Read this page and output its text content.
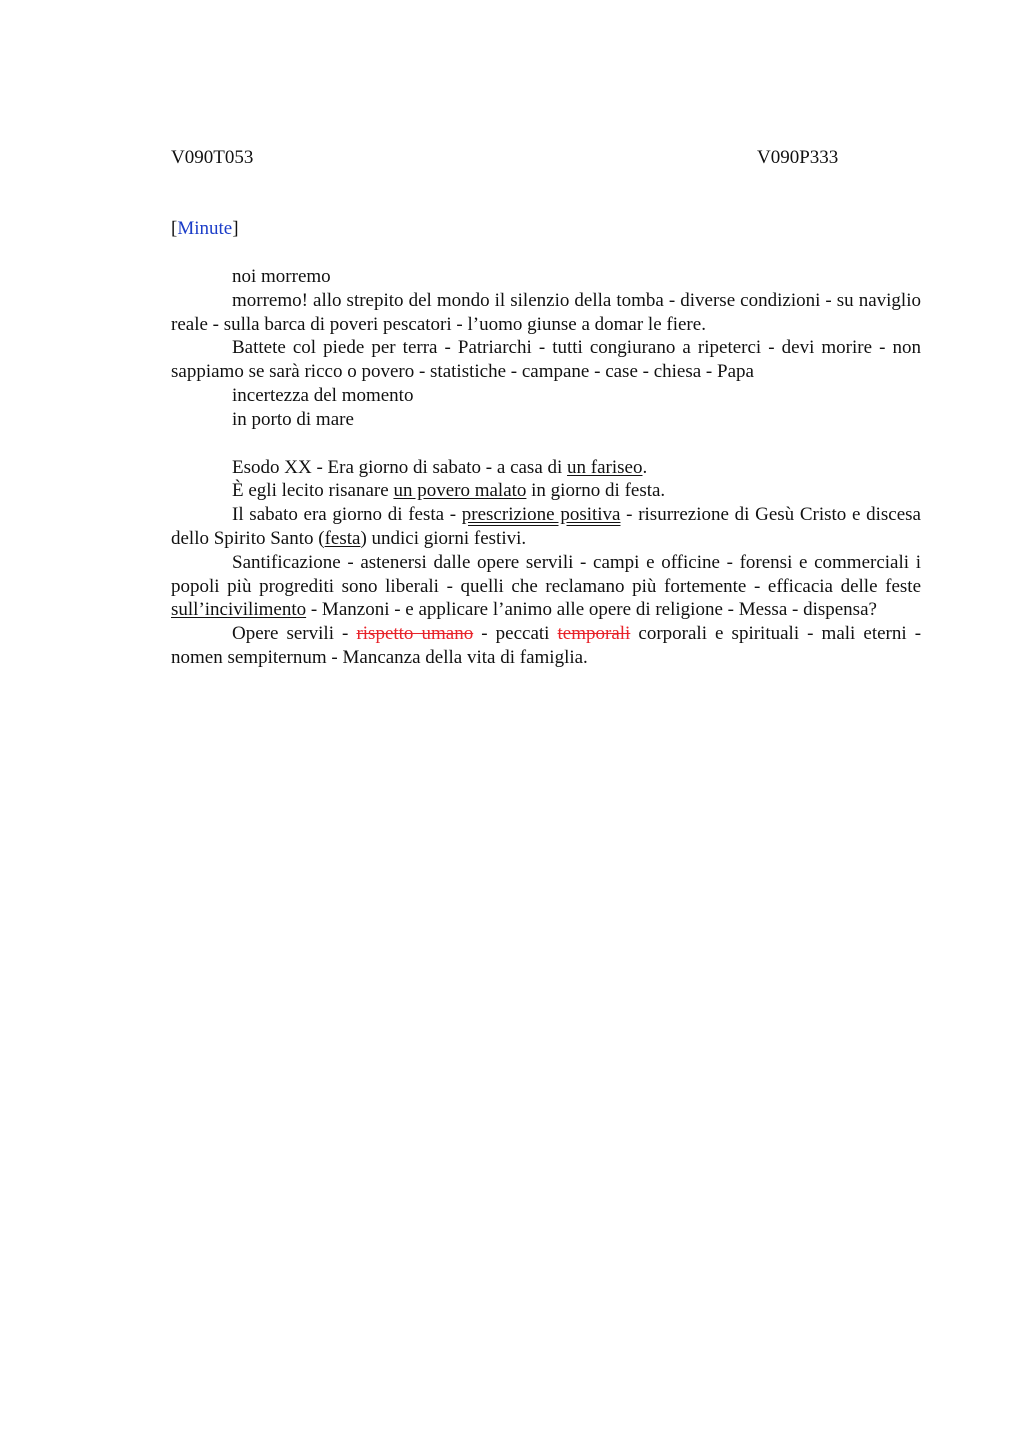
V090T053	V090P333
[Minute]

noi morremo

morremo! allo strepito del mondo il silenzio della tomba - diverse condizioni - su naviglio reale - sulla barca di poveri pescatori - l’uomo giunse a domar le fiere.

Battete col piede per terra - Patriarchi - tutti congiurano a ripeterci - devi morire - non sappiamo se sarà ricco o povero - statistiche - campane - case - chiesa - Papa

incertezza del momento

in porto di mare

Esodo XX - Era giorno di sabato - a casa di un fariseo.

È egli lecito risanare un povero malato in giorno di festa.

Il sabato era giorno di festa - prescrizione positiva - risurrezione di Gesù Cristo e discesa dello Spirito Santo (festa) undici giorni festivi.

Santificazione - astenersi dalle opere servili - campi e officine - forensi e commerciali i popoli più progrediti sono liberali - quelli che reclamano più fortemente - efficacia delle feste sull’incivilimento - Manzoni - e applicare l’animo alle opere di religione - Messa - dispensa?

Opere servili - rispetto umano - peccati temporali corporali e spirituali - mali eterni - nomen sempiternum - Mancanza della vita di famiglia.
